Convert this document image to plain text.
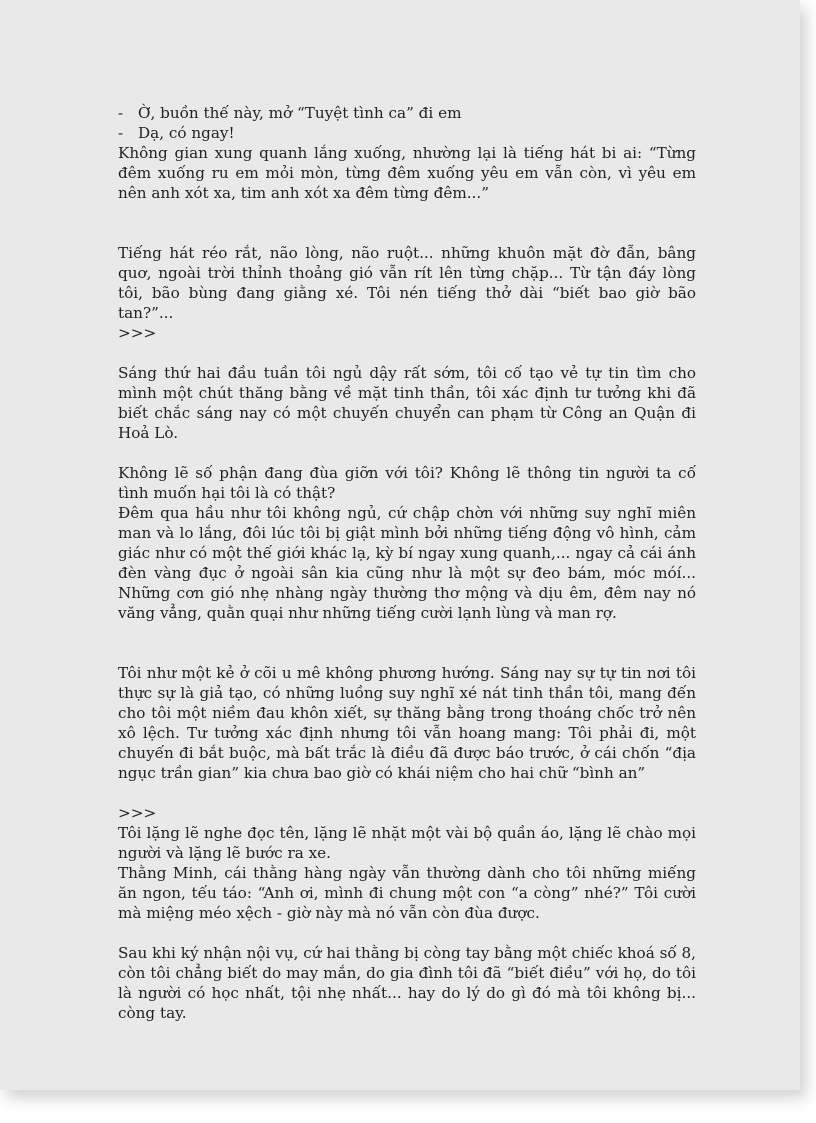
- Ờ, buồn thế này, mở “Tuyệt tình ca” đi em

- Dạ, có ngay!

Không gian xung quanh lắng xuống, nhường lại là tiếng hát bi ai: “Từng đêm xuống ru em mỏi mòn, từng đêm xuống yêu em vẫn còn, vì yêu em nên anh xót xa, tim anh xót xa đêm từng đêm...”

Tiếng hát réo rắt, não lòng, não ruột... những khuôn mặt đờ đẫn, bâng quơ, ngoài trời thỉnh thoảng gió vẫn rít lên từng chặp... Từ tận đáy lòng tôi, bão bùng đang giằng xé. Tôi nén tiếng thở dài “biết bao giờ bão tan?”...

>>>

Sáng thứ hai đầu tuần tôi ngủ dậy rất sớm, tôi cố tạo vẻ tự tin tìm cho mình một chút thăng bằng về mặt tinh thần, tôi xác định tư tưởng khi đã biết chắc sáng nay có một chuyến chuyển can phạm từ Công an Quận đi Hoả Lò.

Không lẽ số phận đang đùa giỡn với tôi? Không lẽ thông tin người ta cố tình muốn hại tôi là có thật?

Đêm qua hầu như tôi không ngủ, cứ chập chờn với những suy nghĩ miên man và lo lắng, đôi lúc tôi bị giật mình bởi những tiếng động vô hình, cảm giác như có một thế giới khác lạ, kỳ bí ngay xung quanh,... ngay cả cái ánh đèn vàng đục ở ngoài sân kia cũng như là một sự đeo bám, móc móí... Những cơn gió nhẹ nhàng ngày thường thơ mộng và dịu êm, đêm nay nó văng vẳng, quằn quại như những tiếng cười lạnh lùng và man rợ.

Tôi như một kẻ ở cõi u mê không phương hướng. Sáng nay sự tự tin nơi tôi thực sự là giả tạo, có những luồng suy nghĩ xé nát tinh thần tôi, mang đến cho tôi một niềm đau khôn xiết, sự thăng bằng trong thoáng chốc trở nên xô lệch. Tư tưởng xác định nhưng tôi vẫn hoang mang: Tôi phải đi, một chuyến đi bắt buộc, mà bất trắc là điều đã được báo trước, ở cái chốn “địa ngục trần gian” kia chưa bao giờ có khái niệm cho hai chữ “bình an”

>>>

Tôi lặng lẽ nghe đọc tên, lặng lẽ nhặt một vài bộ quần áo, lặng lẽ chào mọi người và lặng lẽ bước ra xe.

Thằng Minh, cái thằng hàng ngày vẫn thường dành cho tôi những miếng ăn ngon, tếu táo: “Anh ơi, mình đi chung một con “a còng” nhé?” Tôi cười mà miệng méo xệch - giờ này mà nó vẫn còn đùa được.

Sau khi ký nhận nội vụ, cứ hai thằng bị còng tay bằng một chiếc khoá số 8, còn tôi chẳng biết do may mắn, do gia đình tôi đã “biết điều” với họ, do tôi là người có học nhất, tội nhẹ nhất... hay do lý do gì đó mà tôi không bị... còng tay.
